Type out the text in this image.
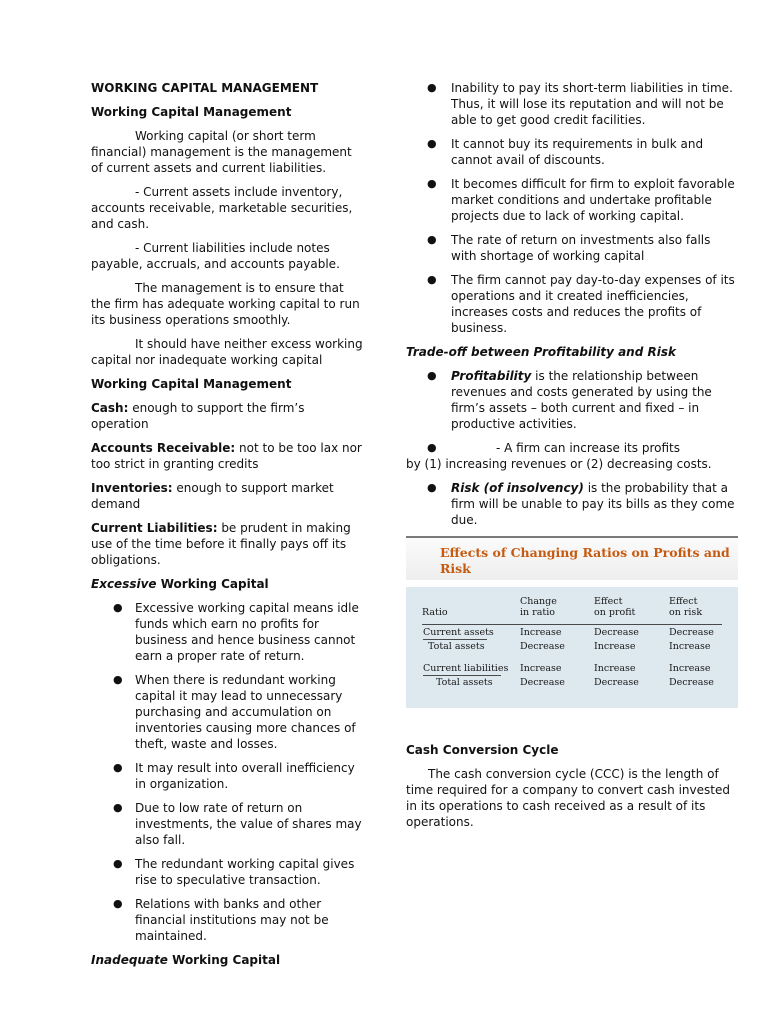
WORKING CAPITAL MANAGEMENT

Working Capital Management

Working capital (or short term financial) management is the management of current assets and current liabilities.

- Current assets include inventory, accounts receivable, marketable securities, and cash.

- Current liabilities include notes payable, accruals, and accounts payable.

The management is to ensure that the firm has adequate working capital to run its business operations smoothly.

It should have neither excess working capital nor inadequate working capital

Working Capital Management

Cash: enough to support the firm’s operation

Accounts Receivable: not to be too lax nor too strict in granting credits

Inventories: enough to support market demand

Current Liabilities: be prudent in making use of the time before it finally pays off its obligations.

Excessive Working Capital

● Excessive working capital means idle funds which earn no profits for business and hence business cannot earn a proper rate of return.
● When there is redundant working capital it may lead to unnecessary purchasing and accumulation on inventories causing more chances of theft, waste and losses.
● It may result into overall inefficiency in organization.
● Due to low rate of return on investments, the value of shares may also fall.
● The redundant working capital gives rise to speculative transaction.
● Relations with banks and other financial institutions may not be maintained.

Inadequate Working Capital

● Inability to pay its short-term liabilities in time. Thus, it will lose its reputation and will not be able to get good credit facilities.
● It cannot buy its requirements in bulk and cannot avail of discounts.
● It becomes difficult for firm to exploit favorable market conditions and undertake profitable projects due to lack of working capital.
● The rate of return on investments also falls with shortage of working capital
● The firm cannot pay day-to-day expenses of its operations and it created inefficiencies, increases costs and reduces the profits of business.

Trade-off between Profitability and Risk

● Profitability is the relationship between revenues and costs generated by using the firm’s assets – both current and fixed – in productive activities.
●	- A firm can increase its profits
by (1) increasing revenues or (2) decreasing costs.
● Risk (of insolvency) is the probability that a firm will be unable to pay its bills as they come due.
Effects of Changing Ratios on Profits and Risk
Ratio
Change
in ratio
Effect
on profit
Effect
on risk
Current assets
Total assets
Increase
Decrease
Decrease
Increase
Decrease
Increase
Current liabilities
Total assets
Increase
Decrease
Increase
Decrease
Increase
Decrease

Cash Conversion Cycle

The cash conversion cycle (CCC) is the length of time required for a company to convert cash invested in its operations to cash received as a result of its operations.
